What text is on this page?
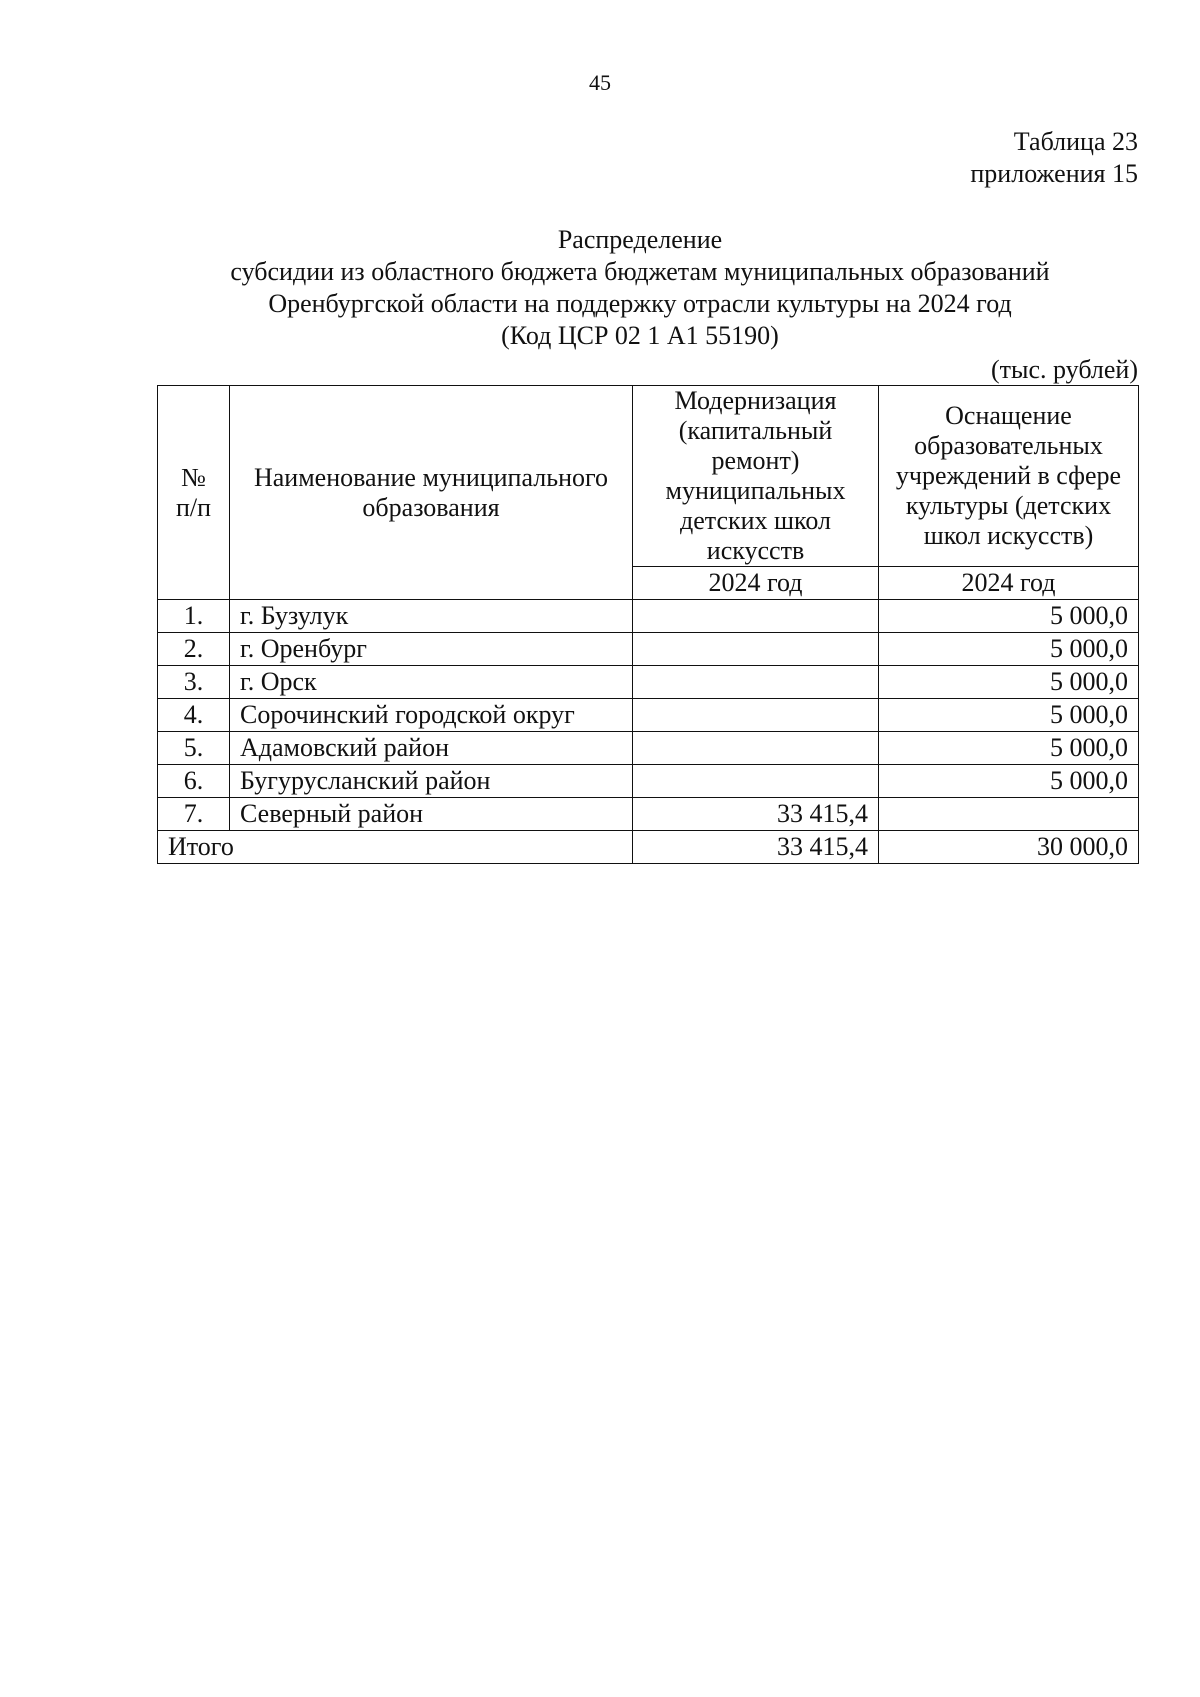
45
Таблица 23
приложения 15
Распределение
субсидии из областного бюджета бюджетам муниципальных образований
Оренбургской области на поддержку отрасли культуры на 2024 год
(Код ЦСР 02 1 А1 55190)
(тыс. рублей)
№ п/п	Наименование муниципального образования	Модернизация (капитальный ремонт) муниципальных детских школ искусств	Оснащение образовательных учреждений в сфере культуры (детских школ искусств)
		2024 год	2024 год
1.	г. Бузулук		5 000,0
2.	г. Оренбург		5 000,0
3.	г. Орск		5 000,0
4.	Сорочинский городской округ		5 000,0
5.	Адамовский район		5 000,0
6.	Бугурусланский район		5 000,0
7.	Северный район	33 415,4	
Итого		33 415,4	30 000,0
